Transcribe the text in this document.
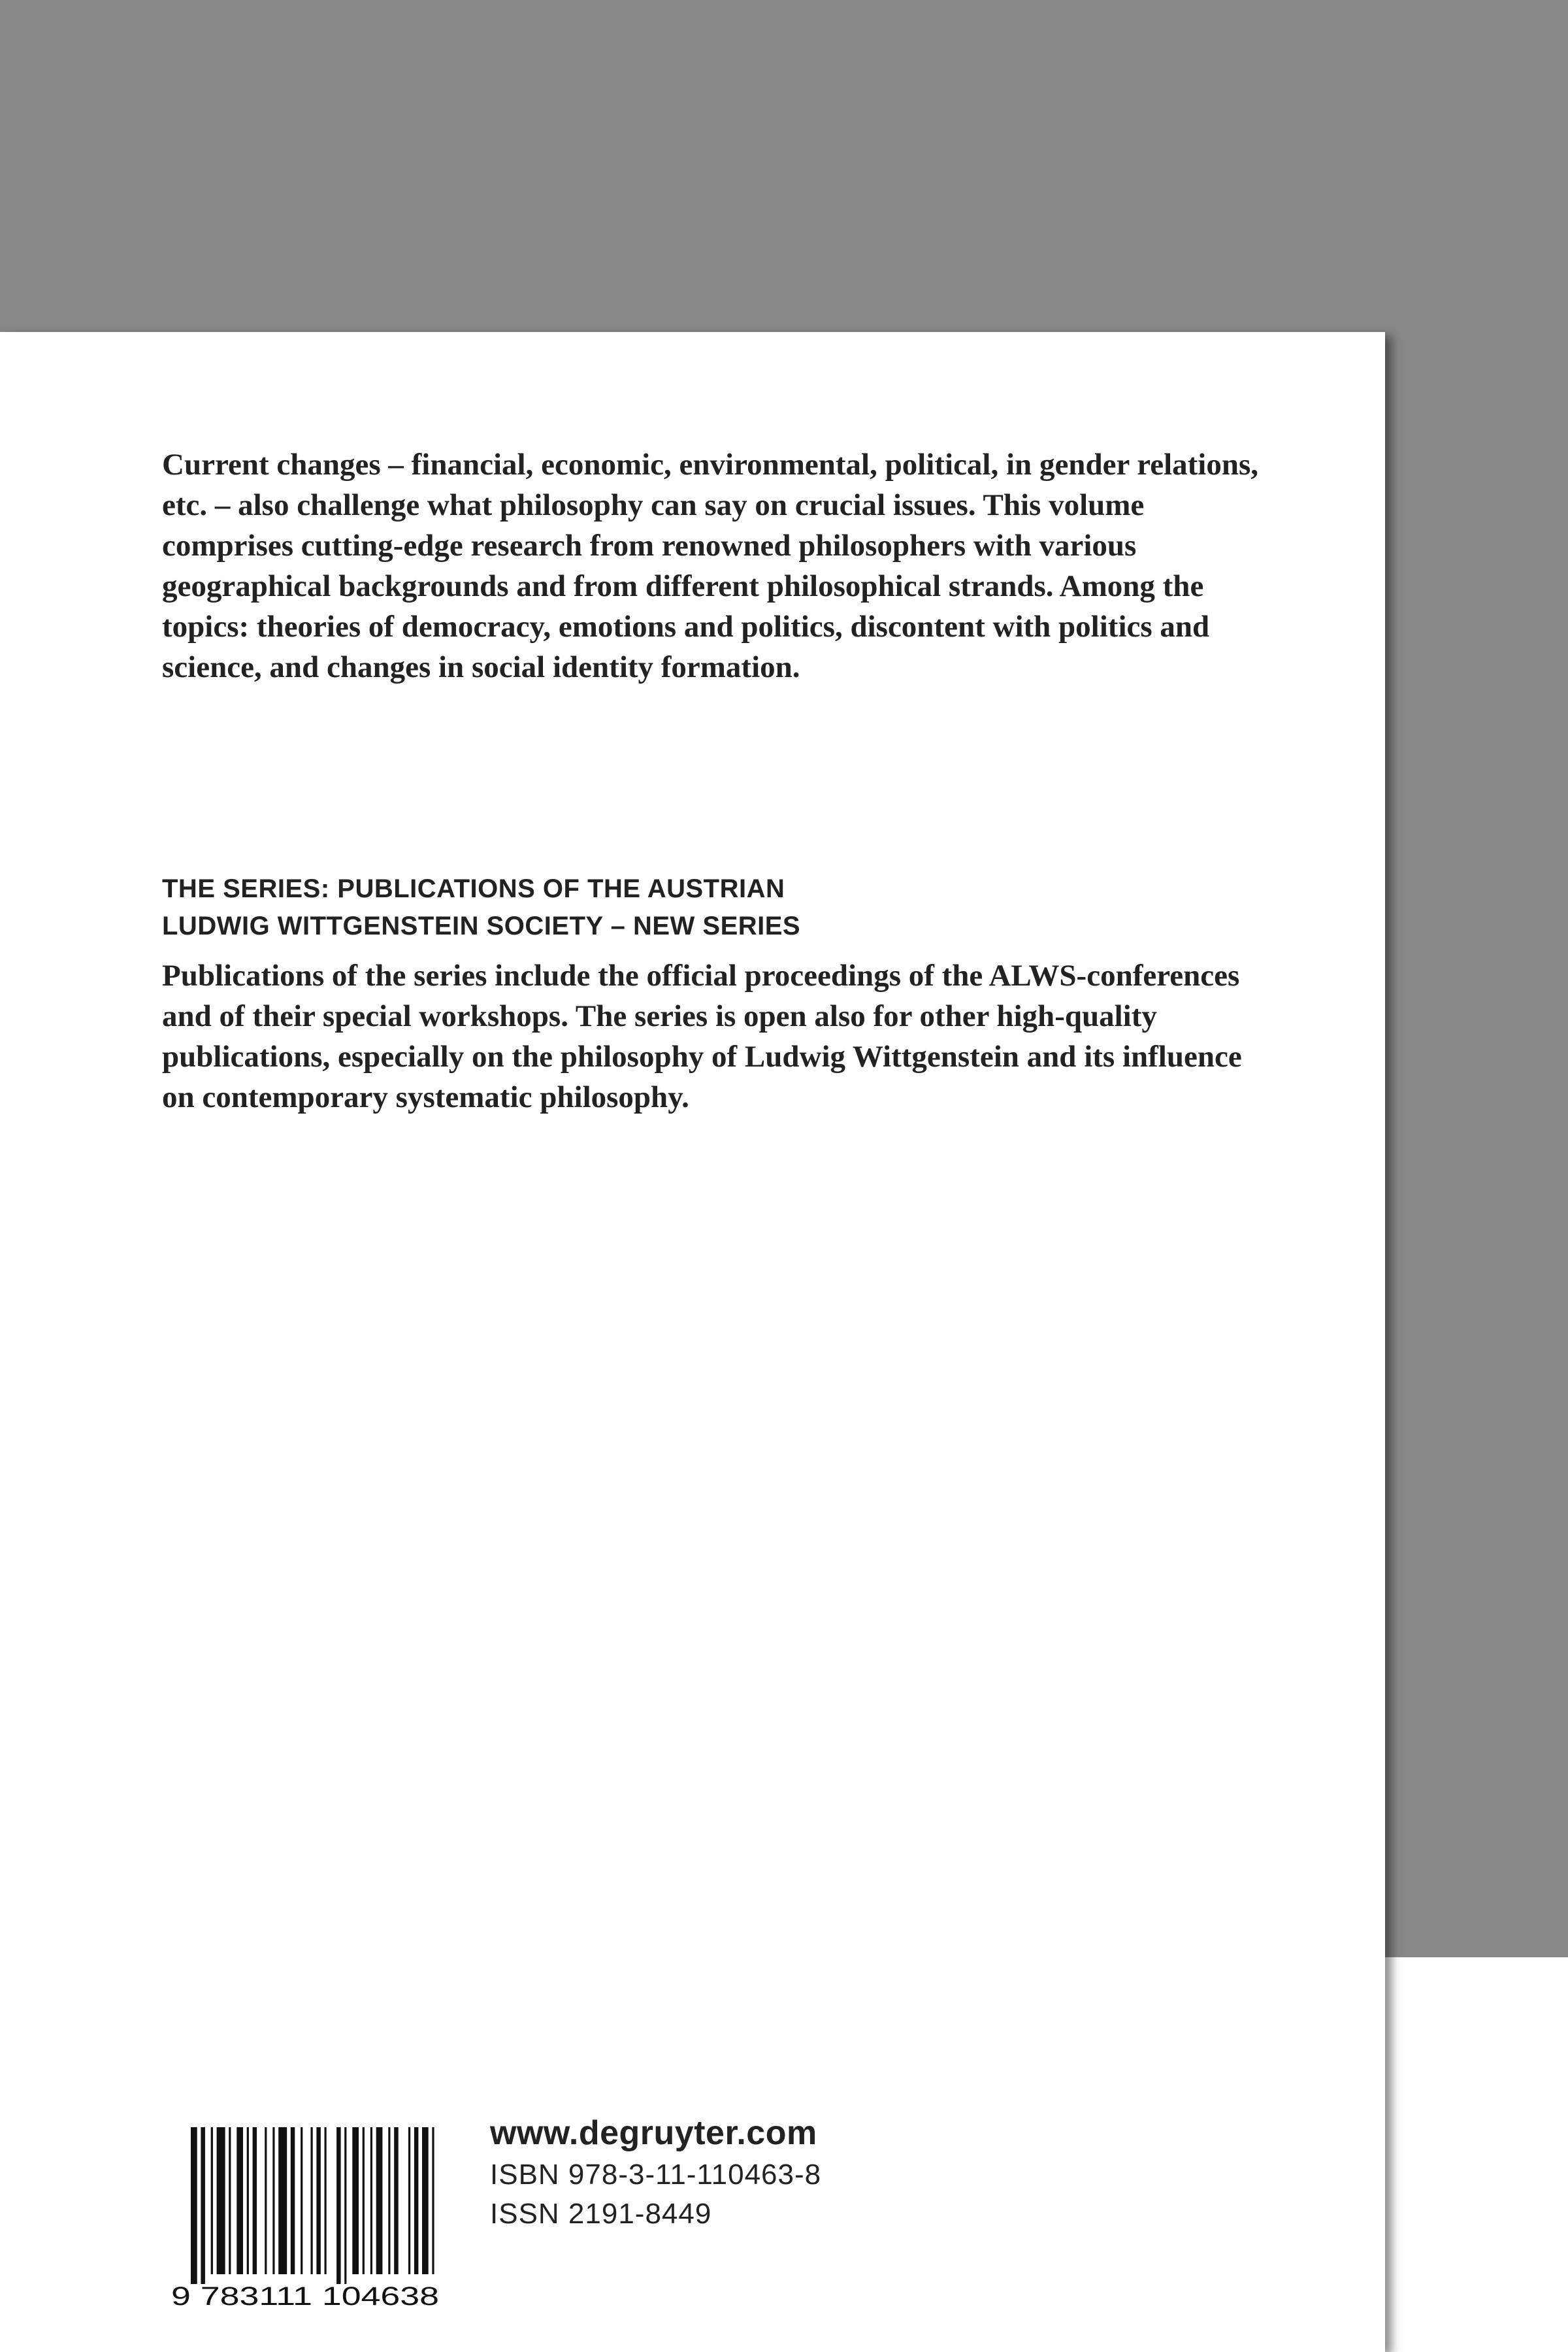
Current changes – financial, economic, environmental, political, in gender relations, etc. – also challenge what philosophy can say on crucial issues. This volume comprises cutting-edge research from renowned philosophers with various geographical backgrounds and from different philosophical strands. Among the topics: theories of democracy, emotions and politics, discontent with politics and science, and changes in social identity formation.

THE SERIES: PUBLICATIONS OF THE AUSTRIAN
LUDWIG WITTGENSTEIN SOCIETY – NEW SERIES

Publications of the series include the official proceedings of the ALWS-conferences and of their special workshops. The series is open also for other high-quality publications, especially on the philosophy of Ludwig Wittgenstein and its influence on contemporary systematic philosophy.

9 783111 104638
www.degruyter.com
ISBN 978-3-11-110463-8
ISSN 2191-8449
